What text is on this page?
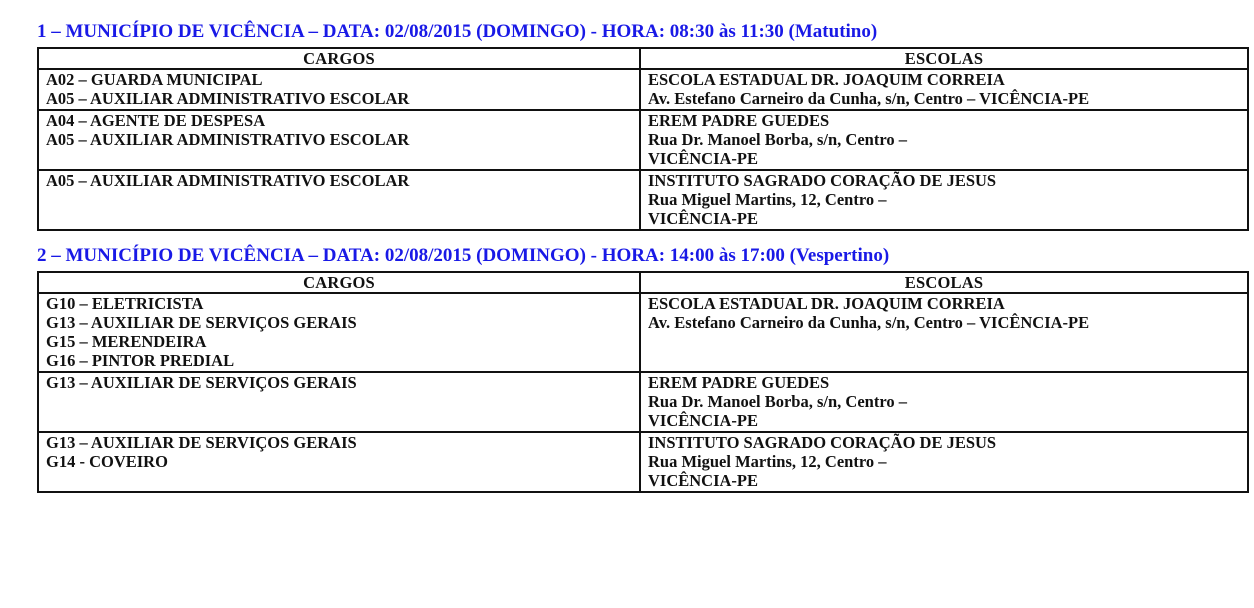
1 – MUNICÍPIO DE VICÊNCIA – DATA: 02/08/2015 (DOMINGO) - HORA: 08:30 às 11:30 (Matutino)
CARGOS	ESCOLAS

A02 – GUARDA MUNICIPAL
A05 – AUXILIAR ADMINISTRATIVO ESCOLAR	ESCOLA ESTADUAL DR. JOAQUIM CORREIA
Av. Estefano Carneiro da Cunha, s/n, Centro – VICÊNCIA-PE

A04 – AGENTE DE DESPESA
A05 – AUXILIAR ADMINISTRATIVO ESCOLAR	EREM PADRE GUEDES
Rua Dr. Manoel Borba, s/n, Centro –
VICÊNCIA-PE

A05 – AUXILIAR ADMINISTRATIVO ESCOLAR	INSTITUTO SAGRADO CORAÇÃO DE JESUS
Rua Miguel Martins, 12, Centro –
VICÊNCIA-PE
2 – MUNICÍPIO DE VICÊNCIA – DATA: 02/08/2015 (DOMINGO) - HORA: 14:00 às 17:00 (Vespertino)
CARGOS	ESCOLAS

G10 – ELETRICISTA
G13 – AUXILIAR DE SERVIÇOS GERAIS
G15 – MERENDEIRA
G16 – PINTOR PREDIAL	ESCOLA ESTADUAL DR. JOAQUIM CORREIA
Av. Estefano Carneiro da Cunha, s/n, Centro – VICÊNCIA-PE

G13 – AUXILIAR DE SERVIÇOS GERAIS	EREM PADRE GUEDES
Rua Dr. Manoel Borba, s/n, Centro –
VICÊNCIA-PE

G13 – AUXILIAR DE SERVIÇOS GERAIS
G14 - COVEIRO	INSTITUTO SAGRADO CORAÇÃO DE JESUS
Rua Miguel Martins, 12, Centro –
VICÊNCIA-PE
